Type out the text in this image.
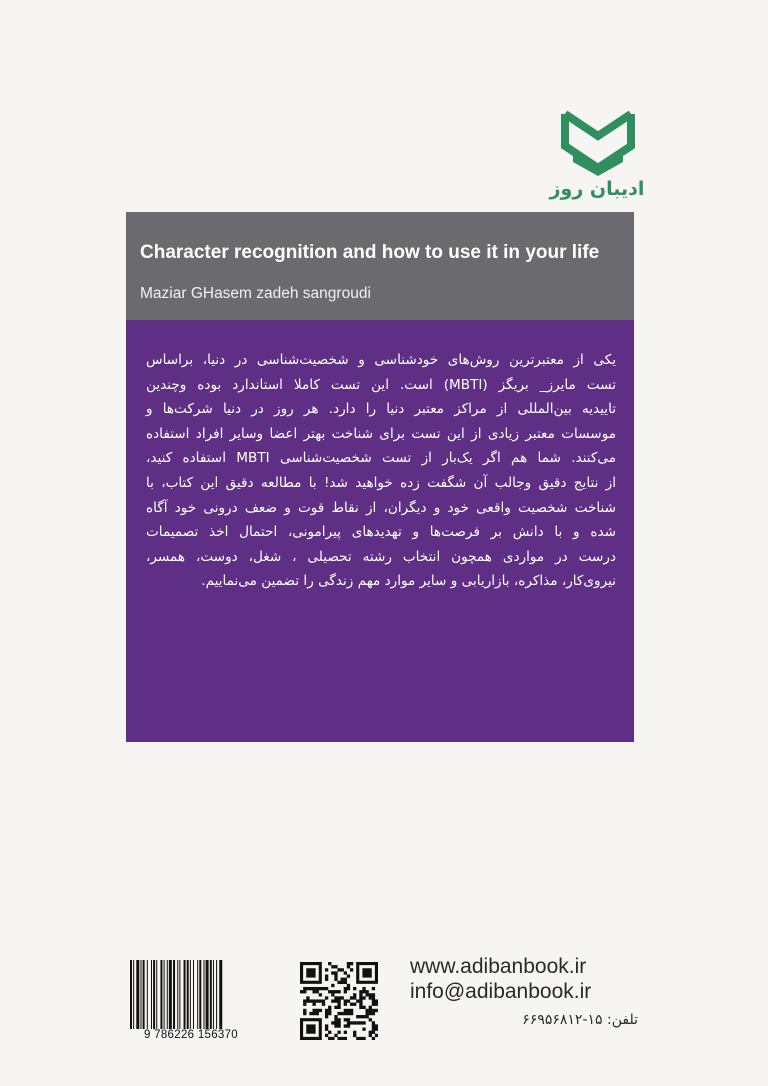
ادیبان روز
Character recognition and how to use it in your life
Maziar GHasem zadeh sangroudi
یکی از معتبرترین روش‌های خودشناسی و شخصیت‌شناسی در دنیا، براساس
تست مایرز_ بریگز (MBTI) است. این تست کاملا استاندارد بوده وچندین
تاییدیه بین‌المللی از مراکز معتبر دنیا را دارد. هر روز در دنیا شرکت‌ها و
موسسات معتبر زیادی از این تست برای شناخت بهتر اعضا وسایر افراد استفاده
می‌کنند. شما هم اگر یک‌بار از تست شخصیت‌شناسی MBTI استفاده کنید،
از نتایج دقیق وجالب آن شگفت زده خواهید شد! با مطالعه دقیق این کتاب، با
شناخت شخصیت واقعی خود و دیگران، از نقاط قوت و ضعف درونی خود آگاه
شده و با دانش بر فرصت‌ها و تهدیدهای پیرامونی، احتمال اخذ تصمیمات
درست در مواردی همچون انتخاب رشته تحصیلی ، شغل، دوست، همسر،
نیروی‌کار، مذاکره، بازاریابی و سایر موارد مهم زندگی را تضمین می‌نماییم.
9 786226 156370
www.adibanbook.ir
info@adibanbook.ir
تلفن: ۱۵-۶۶۹۵۶۸۱۲
